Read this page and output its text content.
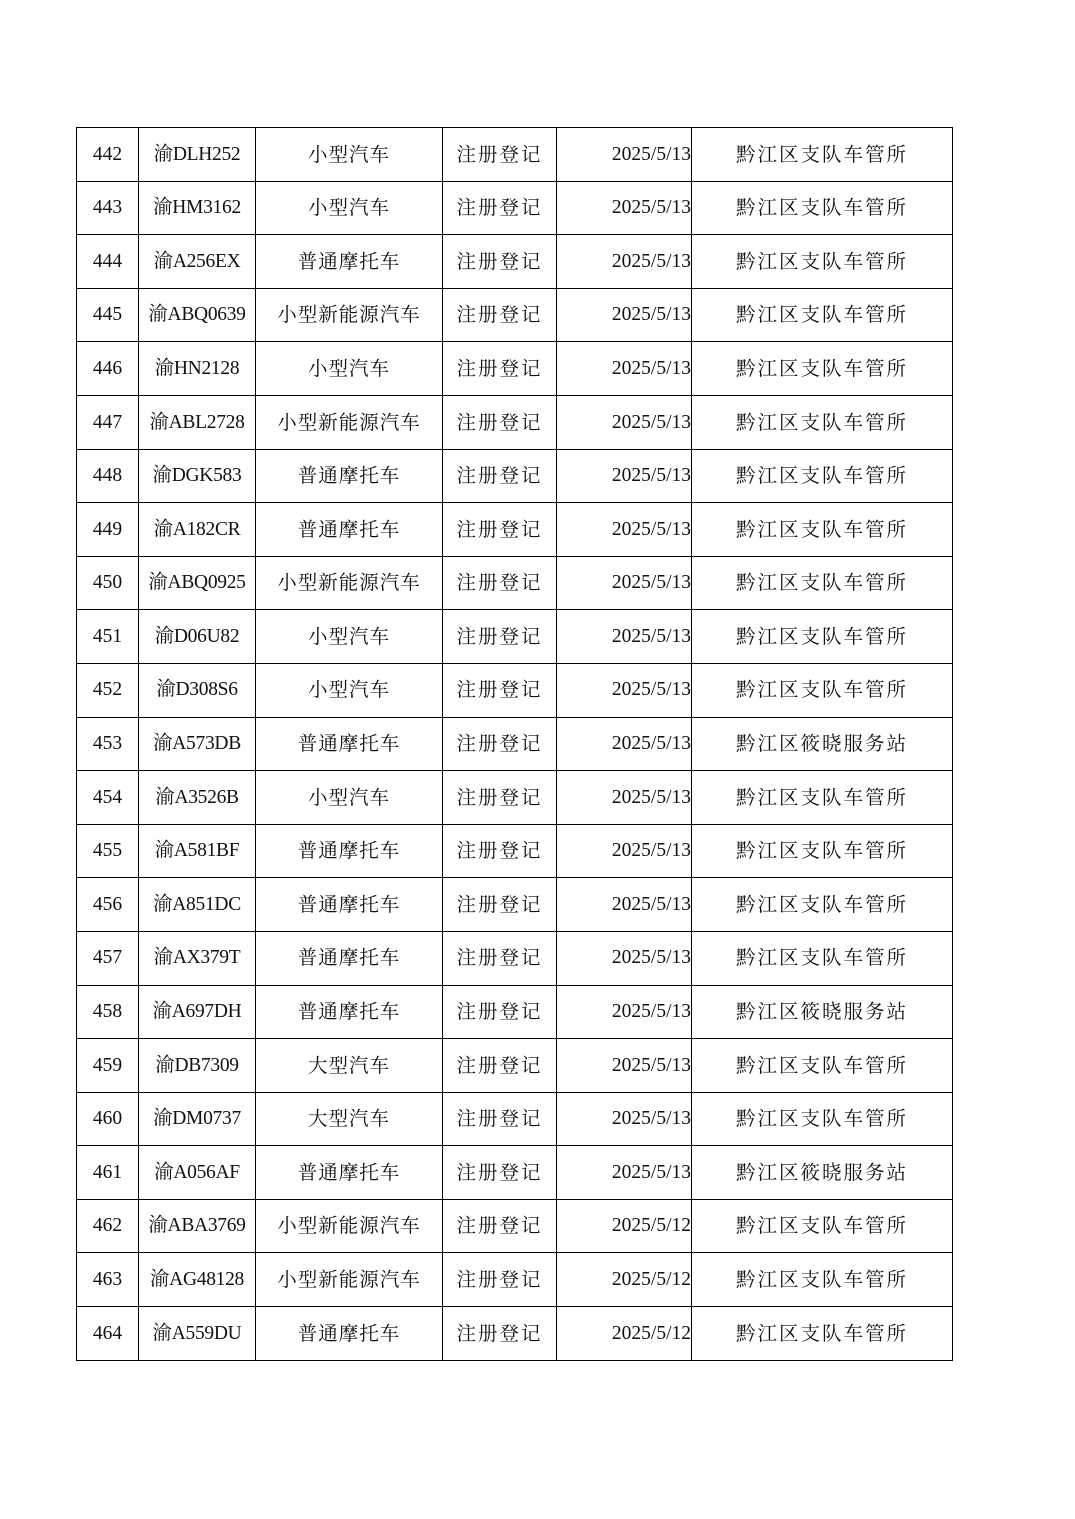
442	渝DLH252	小型汽车	注册登记	2025/5/13	黔江区支队车管所
443	渝HM3162	小型汽车	注册登记	2025/5/13	黔江区支队车管所
444	渝A256EX	普通摩托车	注册登记	2025/5/13	黔江区支队车管所
445	渝ABQ0639	小型新能源汽车	注册登记	2025/5/13	黔江区支队车管所
446	渝HN2128	小型汽车	注册登记	2025/5/13	黔江区支队车管所
447	渝ABL2728	小型新能源汽车	注册登记	2025/5/13	黔江区支队车管所
448	渝DGK583	普通摩托车	注册登记	2025/5/13	黔江区支队车管所
449	渝A182CR	普通摩托车	注册登记	2025/5/13	黔江区支队车管所
450	渝ABQ0925	小型新能源汽车	注册登记	2025/5/13	黔江区支队车管所
451	渝D06U82	小型汽车	注册登记	2025/5/13	黔江区支队车管所
452	渝D308S6	小型汽车	注册登记	2025/5/13	黔江区支队车管所
453	渝A573DB	普通摩托车	注册登记	2025/5/13	黔江区筱晓服务站
454	渝A3526B	小型汽车	注册登记	2025/5/13	黔江区支队车管所
455	渝A581BF	普通摩托车	注册登记	2025/5/13	黔江区支队车管所
456	渝A851DC	普通摩托车	注册登记	2025/5/13	黔江区支队车管所
457	渝AX379T	普通摩托车	注册登记	2025/5/13	黔江区支队车管所
458	渝A697DH	普通摩托车	注册登记	2025/5/13	黔江区筱晓服务站
459	渝DB7309	大型汽车	注册登记	2025/5/13	黔江区支队车管所
460	渝DM0737	大型汽车	注册登记	2025/5/13	黔江区支队车管所
461	渝A056AF	普通摩托车	注册登记	2025/5/13	黔江区筱晓服务站
462	渝ABA3769	小型新能源汽车	注册登记	2025/5/12	黔江区支队车管所
463	渝AG48128	小型新能源汽车	注册登记	2025/5/12	黔江区支队车管所
464	渝A559DU	普通摩托车	注册登记	2025/5/12	黔江区支队车管所
